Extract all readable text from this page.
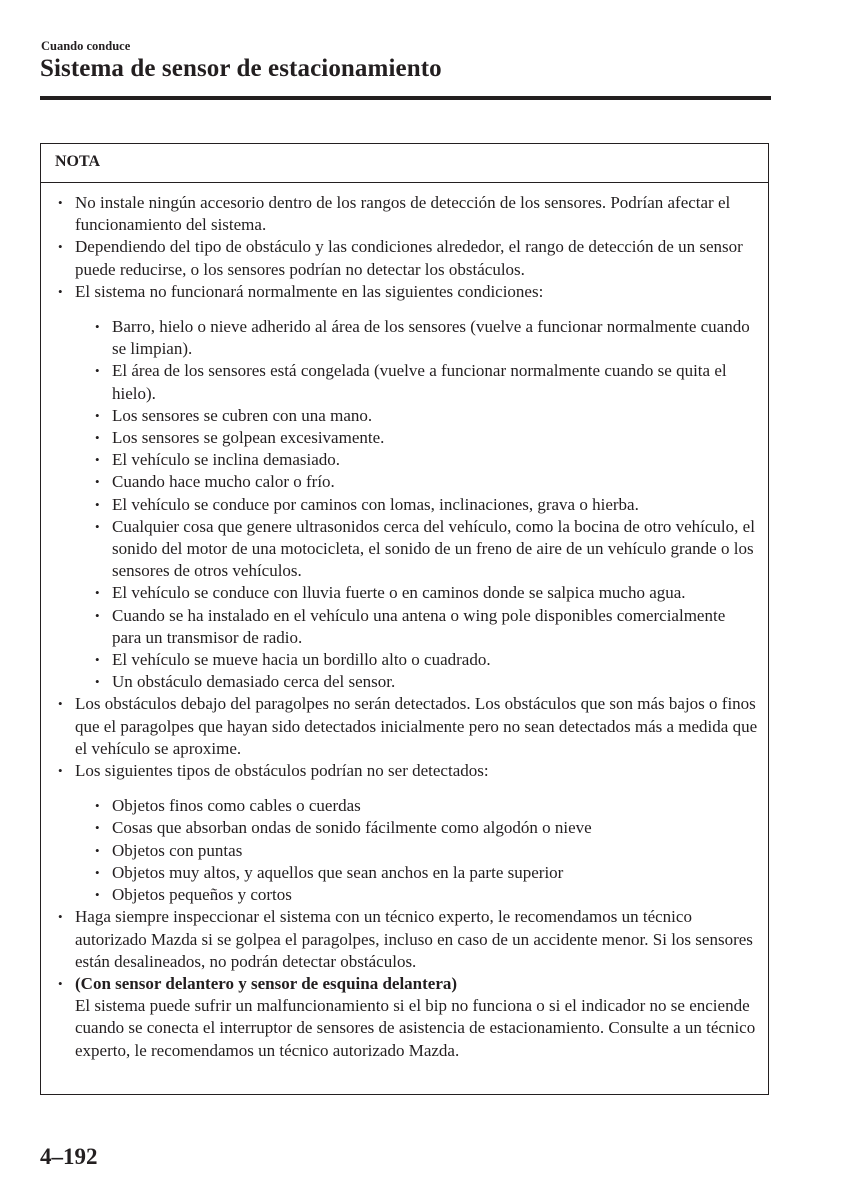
Cuando conduce
Sistema de sensor de estacionamiento
NOTA
• No instale ningún accesorio dentro de los rangos de detección de los sensores. Podrían afectar el funcionamiento del sistema.
• Dependiendo del tipo de obstáculo y las condiciones alrededor, el rango de detección de un sensor puede reducirse, o los sensores podrían no detectar los obstáculos.
• El sistema no funcionará normalmente en las siguientes condiciones:
• Barro, hielo o nieve adherido al área de los sensores (vuelve a funcionar normalmente cuando se limpian).
• El área de los sensores está congelada (vuelve a funcionar normalmente cuando se quita el hielo).
• Los sensores se cubren con una mano.
• Los sensores se golpean excesivamente.
• El vehículo se inclina demasiado.
• Cuando hace mucho calor o frío.
• El vehículo se conduce por caminos con lomas, inclinaciones, grava o hierba.
• Cualquier cosa que genere ultrasonidos cerca del vehículo, como la bocina de otro vehículo, el sonido del motor de una motocicleta, el sonido de un freno de aire de un vehículo grande o los sensores de otros vehículos.
• El vehículo se conduce con lluvia fuerte o en caminos donde se salpica mucho agua.
• Cuando se ha instalado en el vehículo una antena o wing pole disponibles comercialmente para un transmisor de radio.
• El vehículo se mueve hacia un bordillo alto o cuadrado.
• Un obstáculo demasiado cerca del sensor.
• Los obstáculos debajo del paragolpes no serán detectados. Los obstáculos que son más bajos o finos que el paragolpes que hayan sido detectados inicialmente pero no sean detectados más a medida que el vehículo se aproxime.
• Los siguientes tipos de obstáculos podrían no ser detectados:
• Objetos finos como cables o cuerdas
• Cosas que absorban ondas de sonido fácilmente como algodón o nieve
• Objetos con puntas
• Objetos muy altos, y aquellos que sean anchos en la parte superior
• Objetos pequeños y cortos
• Haga siempre inspeccionar el sistema con un técnico experto, le recomendamos un técnico autorizado Mazda si se golpea el paragolpes, incluso en caso de un accidente menor. Si los sensores están desalineados, no podrán detectar obstáculos.
• (Con sensor delantero y sensor de esquina delantera)
El sistema puede sufrir un malfuncionamiento si el bip no funciona o si el indicador no se enciende cuando se conecta el interruptor de sensores de asistencia de estacionamiento. Consulte a un técnico experto, le recomendamos un técnico autorizado Mazda.
4–192
